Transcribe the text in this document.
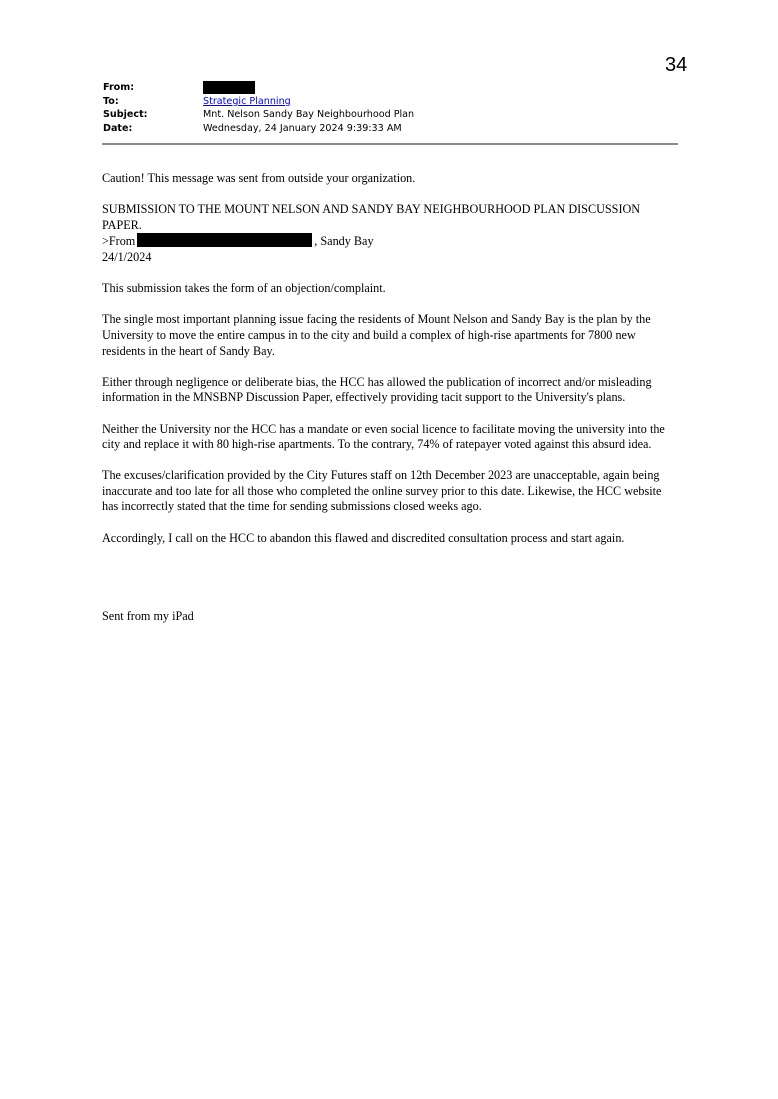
34
From:
To:	Strategic Planning
Subject:	Mnt. Nelson Sandy Bay Neighbourhood Plan
Date:	Wednesday, 24 January 2024 9:39:33 AM

Caution! This message was sent from outside your organization.

SUBMISSION TO THE MOUNT NELSON AND SANDY BAY NEIGHBOURHOOD PLAN DISCUSSION PAPER.
>From	, Sandy Bay
24/1/2024

This submission takes the form of an objection/complaint.

The single most important planning issue facing the residents of Mount Nelson and Sandy Bay is the plan by the University to move the entire campus in to the city and build a complex of high-rise apartments for 7800 new residents in the heart of Sandy Bay.

Either through negligence or deliberate bias, the HCC has allowed the publication of incorrect and/or misleading information in the MNSBNP Discussion Paper, effectively providing tacit support to the University's plans.

Neither the University nor the HCC has a mandate or even social licence to facilitate moving the university into the city and replace it with 80 high-rise apartments. To the contrary, 74% of ratepayer voted against this absurd idea.

The excuses/clarification provided by the City Futures staff on 12th December 2023 are unacceptable, again being inaccurate and too late for all those who completed the online survey prior to this date. Likewise, the HCC website has incorrectly stated that the time for sending submissions closed weeks ago.

Accordingly, I call on the HCC to abandon this flawed and discredited consultation process and start again.

Sent from my iPad
